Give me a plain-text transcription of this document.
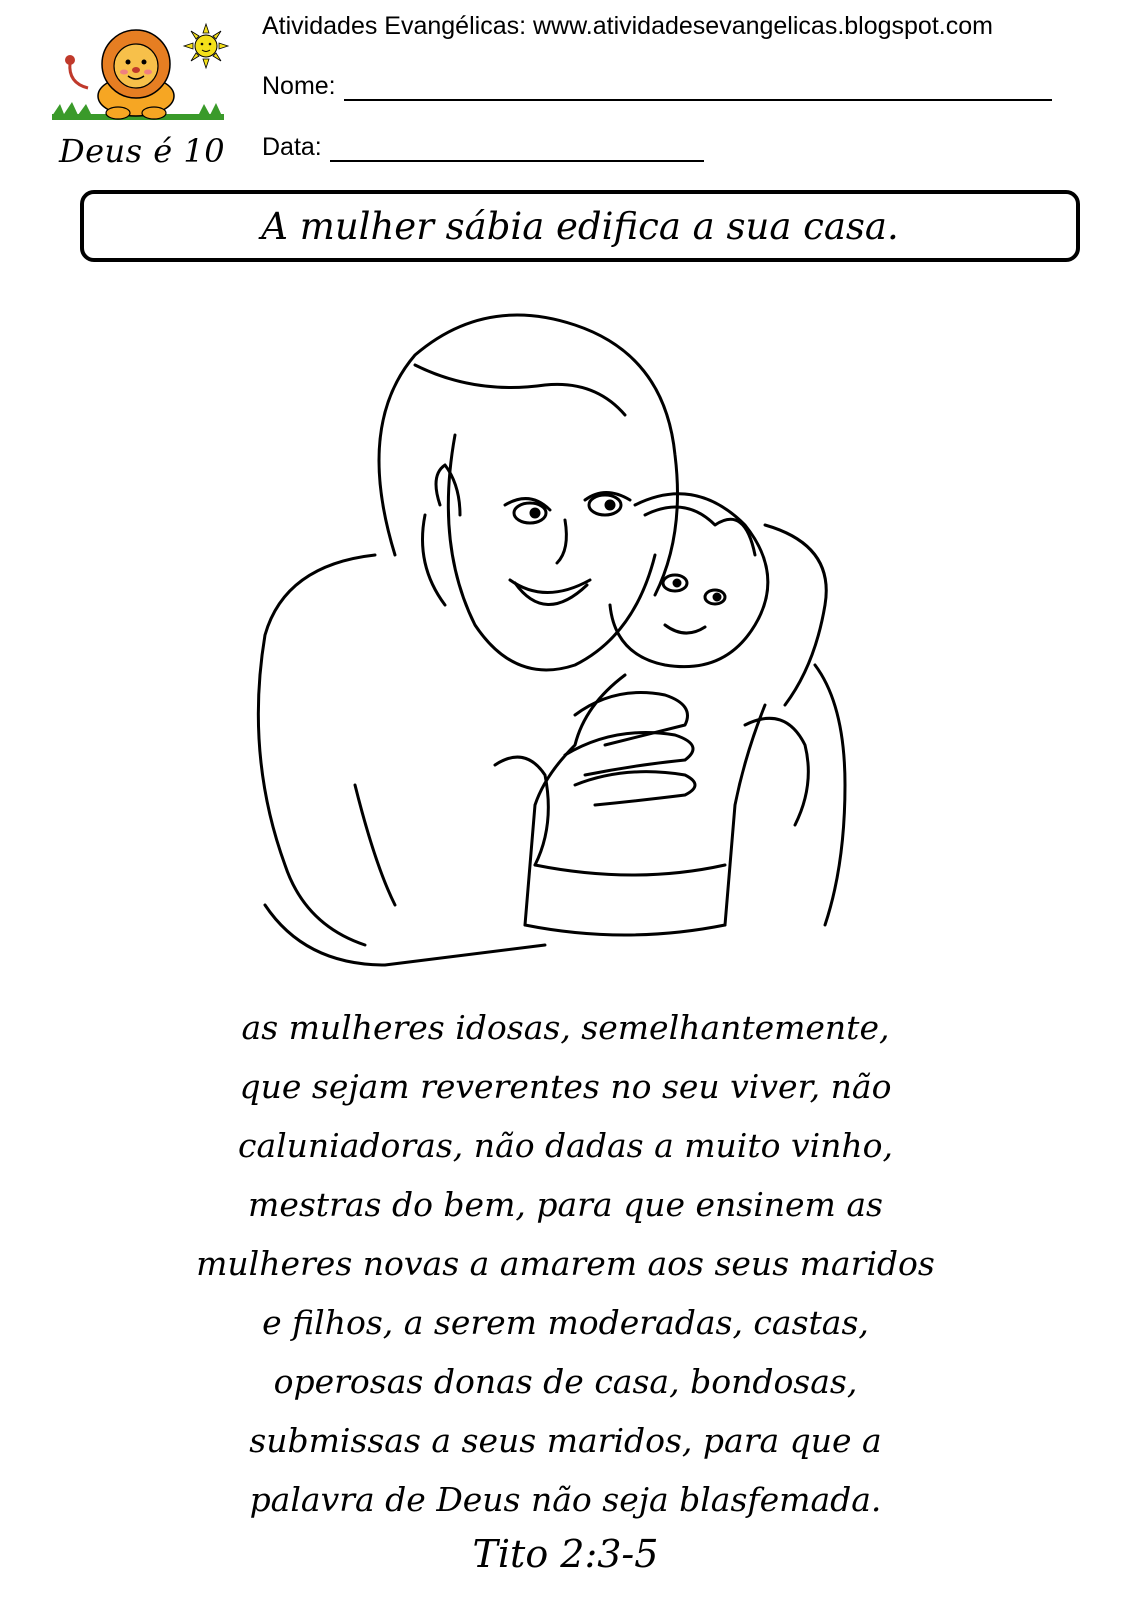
Deus é 10
Atividades Evangélicas: www.atividadesevangelicas.blogspot.com
Nome:
Data:
A mulher sábia edifica a sua casa.
as mulheres idosas, semelhantemente,
que sejam reverentes no seu viver, não
caluniadoras, não dadas a muito vinho,
mestras do bem, para que ensinem as
mulheres novas a amarem aos seus maridos
e filhos, a serem moderadas, castas,
operosas donas de casa, bondosas,
submissas a seus maridos, para que a
palavra de Deus não seja blasfemada.
Tito 2:3-5
